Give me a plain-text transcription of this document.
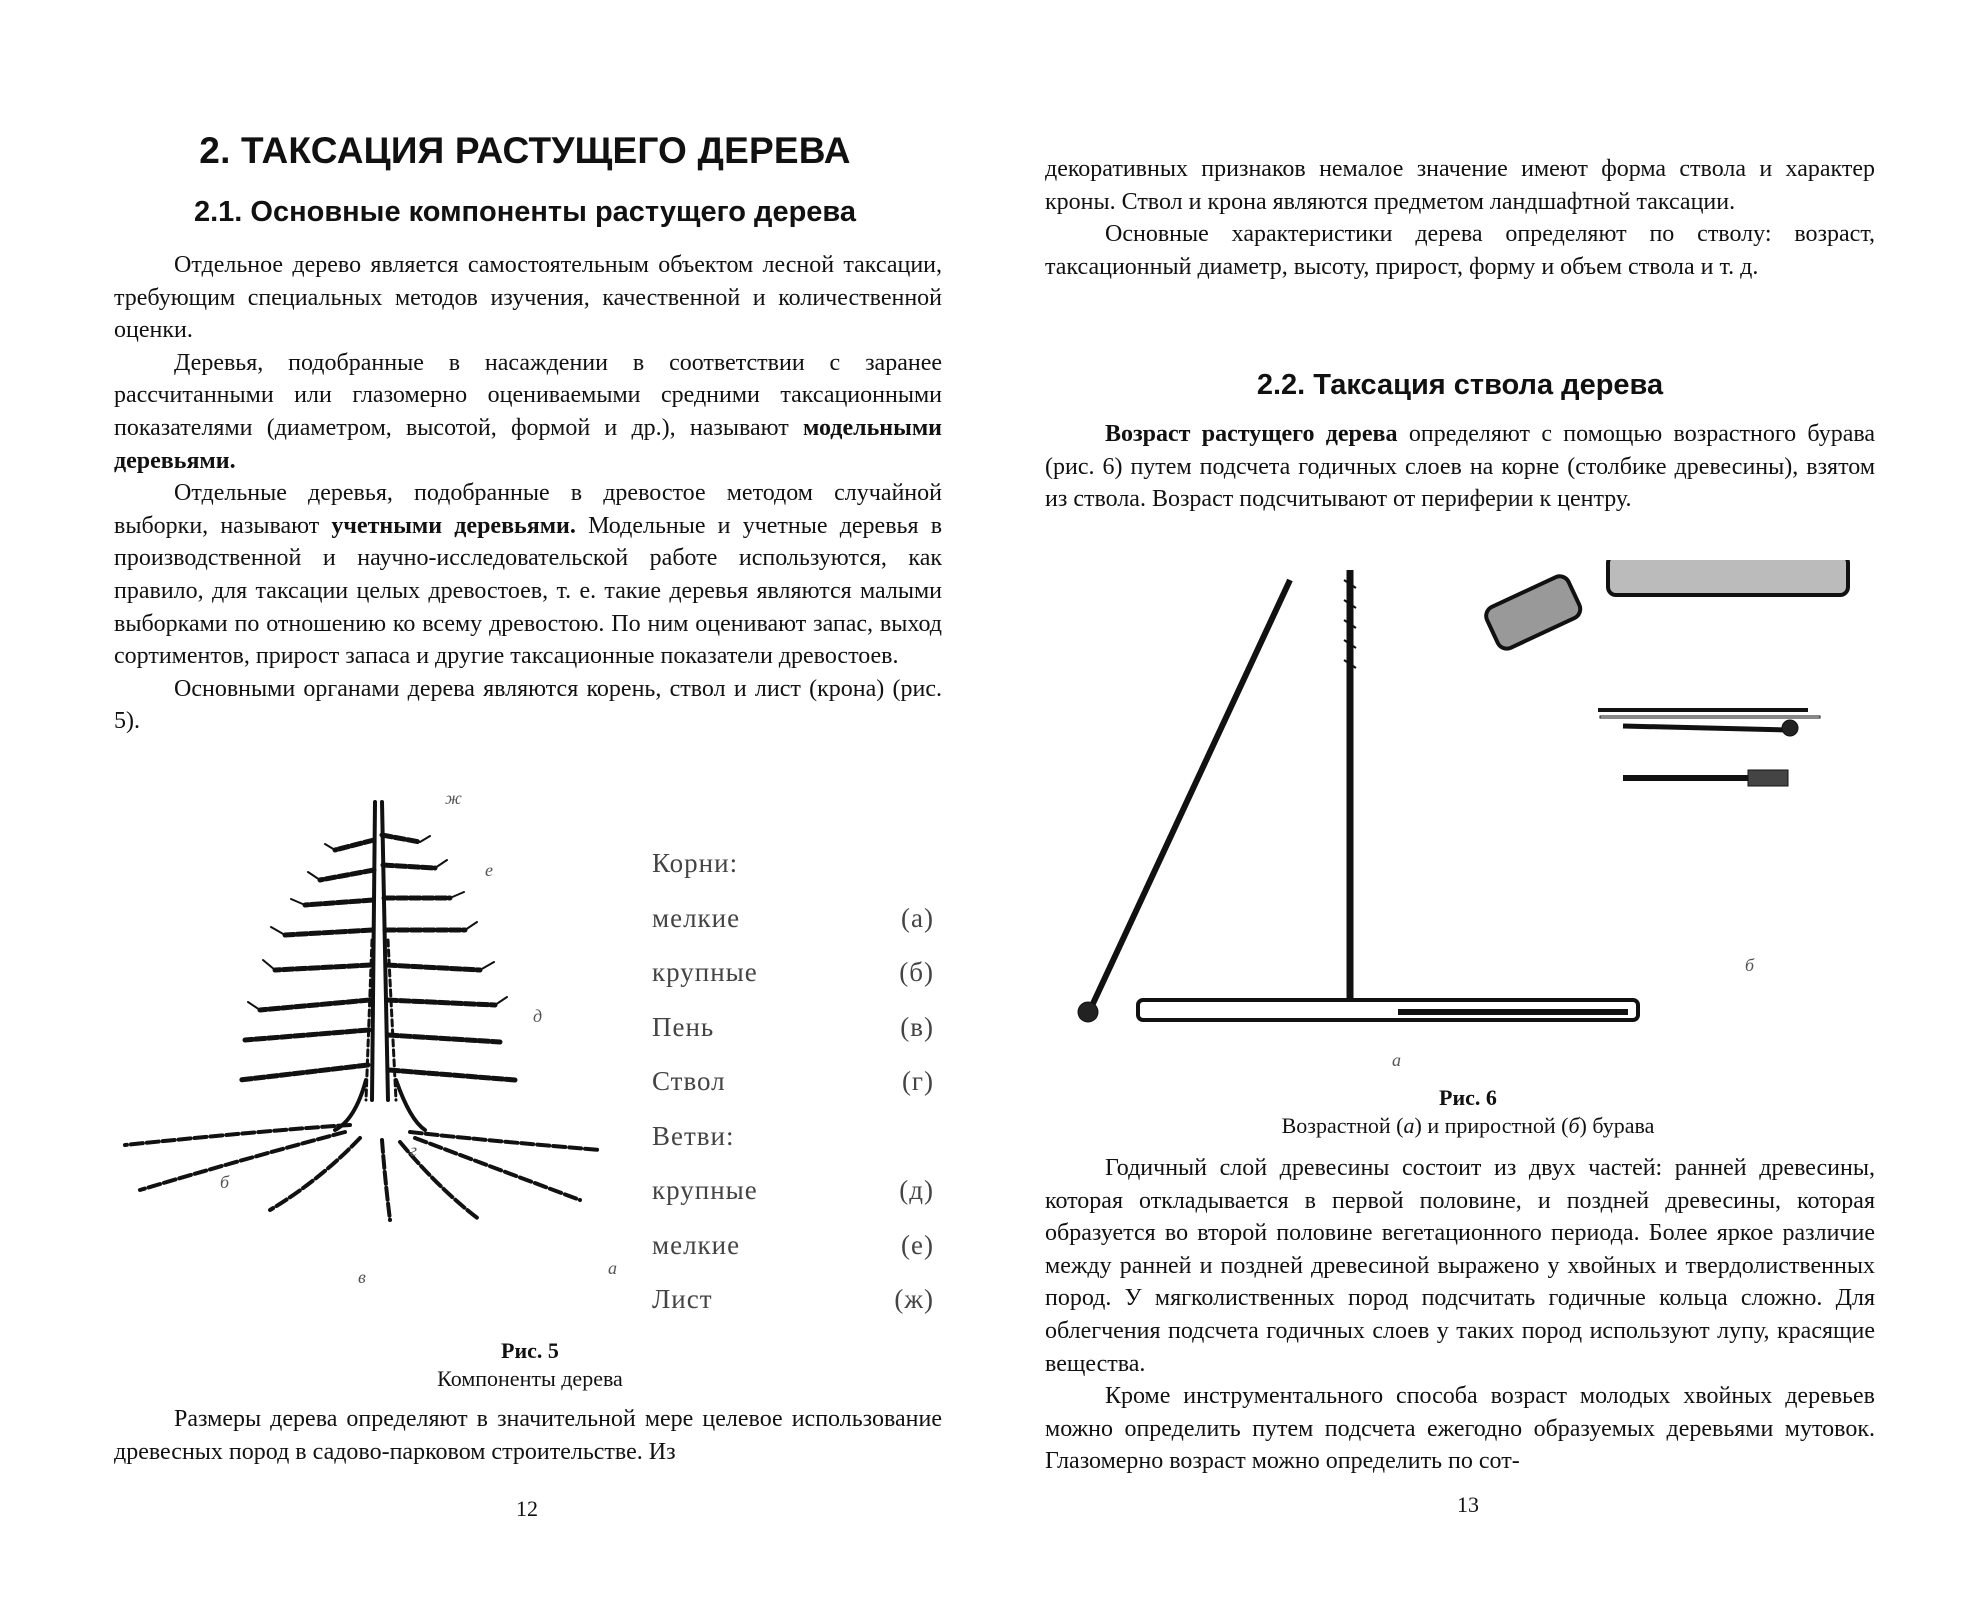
2. ТАКСАЦИЯ РАСТУЩЕГО ДЕРЕВА
2.1. Основные компоненты растущего дерева

Отдельное дерево является самостоятельным объектом лесной таксации, требующим специальных методов изучения, качественной и количественной оценки.

Деревья, подобранные в насаждении в соответствии с заранее рассчитанными или глазомерно оцениваемыми средними таксационными показателями (диаметром, высотой, формой и др.), называют модельными деревьями.

Отдельные деревья, подобранные в древостое методом случайной выборки, называют учетными деревьями. Модельные и учетные деревья в производственной и научно-исследовательской работе используются, как правило, для таксации целых древостоев, т. е. такие деревья являются малыми выборками по отношению ко всему древостою. По ним оценивают запас, выход сортиментов, прирост запаса и другие таксационные показатели древостоев.

Основными органами дерева являются корень, ствол и лист (крона) (рис. 5).

ж
е
д
г
б
в	а
Корни:
мелкие	(а)
крупные	(б)
Пень	(в)
Ствол	(г)
Ветви:
крупные	(д)
мелкие	(е)
Лист	(ж)
Рис. 5
Компоненты дерева

Размеры дерева определяют в значительной мере целевое использование древесных пород в садово-парковом строительстве. Из

12

декоративных признаков немалое значение имеют форма ствола и характер кроны. Ствол и крона являются предметом ландшафтной таксации.

Основные характеристики дерева определяют по стволу: возраст, таксационный диаметр, высоту, прирост, форму и объем ствола и т. д.

2.2. Таксация ствола дерева

Возраст растущего дерева определяют с помощью возрастного бурава (рис. 6) путем подсчета годичных слоев на корне (столбике древесины), взятом из ствола. Возраст подсчитывают от периферии к центру.

а
б
Рис. 6
Возрастной (а) и приростной (б) бурава

Годичный слой древесины состоит из двух частей: ранней древесины, которая откладывается в первой половине, и поздней древесины, которая образуется во второй половине вегетационного периода. Более яркое различие между ранней и поздней древесиной выражено у хвойных и твердолиственных пород. У мягколиственных пород подсчитать годичные кольца сложно. Для облегчения подсчета годичных слоев у таких пород используют лупу, красящие вещества.

Кроме инструментального способа возраст молодых хвойных деревьев можно определить путем подсчета ежегодно образуемых деревьями мутовок. Глазомерно возраст можно определить по сот-

13
